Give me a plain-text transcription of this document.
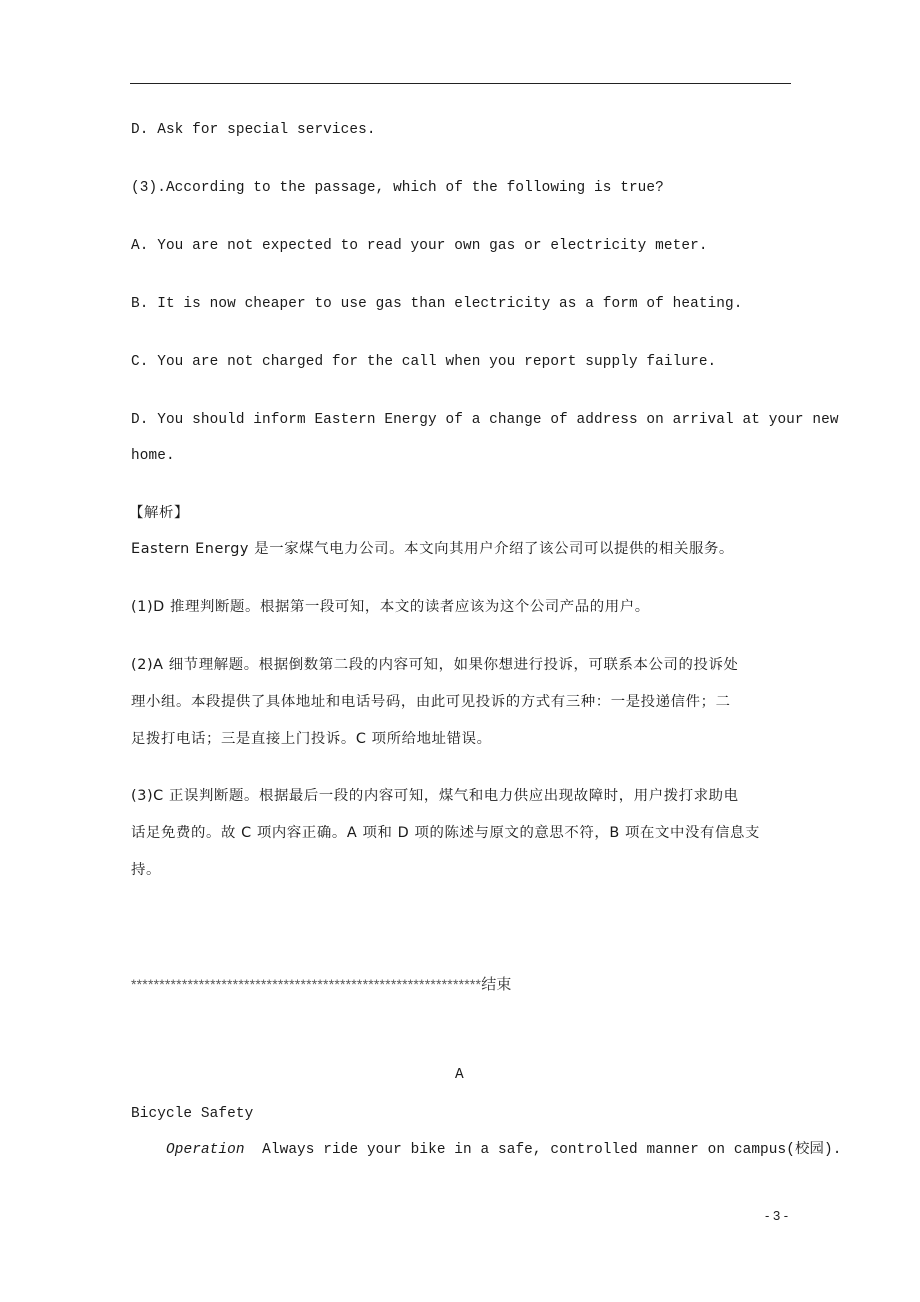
D. Ask for special services.
(3).According to the passage, which of the following is true?
A. You are not expected to read your own gas or electricity meter.
B. It is now cheaper to use gas than electricity as a form of heating.
C. You are not charged for the call when you report supply failure.
D. You should inform Eastern Energy of a change of address on arrival at your new
home.
【解析】
Eastern Energy 是一家煤气电力公司。本文向其用户介绍了该公司可以提供的相关服务。
(1)D 推理判断题。根据第一段可知，本文的读者应该为这个公司产品的用户。
(2)A 细节理解题。根据倒数第二段的内容可知，如果你想进行投诉，可联系本公司的投诉处
理小组。本段提供了具体地址和电话号码，由此可见投诉的方式有三种：一是投递信件；二
足拨打电话；三是直接上门投诉。C 项所给地址错误。
(3)C 正误判断题。根据最后一段的内容可知，煤气和电力供应出现故障时，用户拨打求助电
话足免费的。故 C 项内容正确。A 项和 D 项的陈述与原文的意思不符，B 项在文中没有信息支
持。
**************************************************************结束
A
Bicycle Safety
Operation Always ride your bike in a safe, controlled manner on campus(校园).
- 3 -
